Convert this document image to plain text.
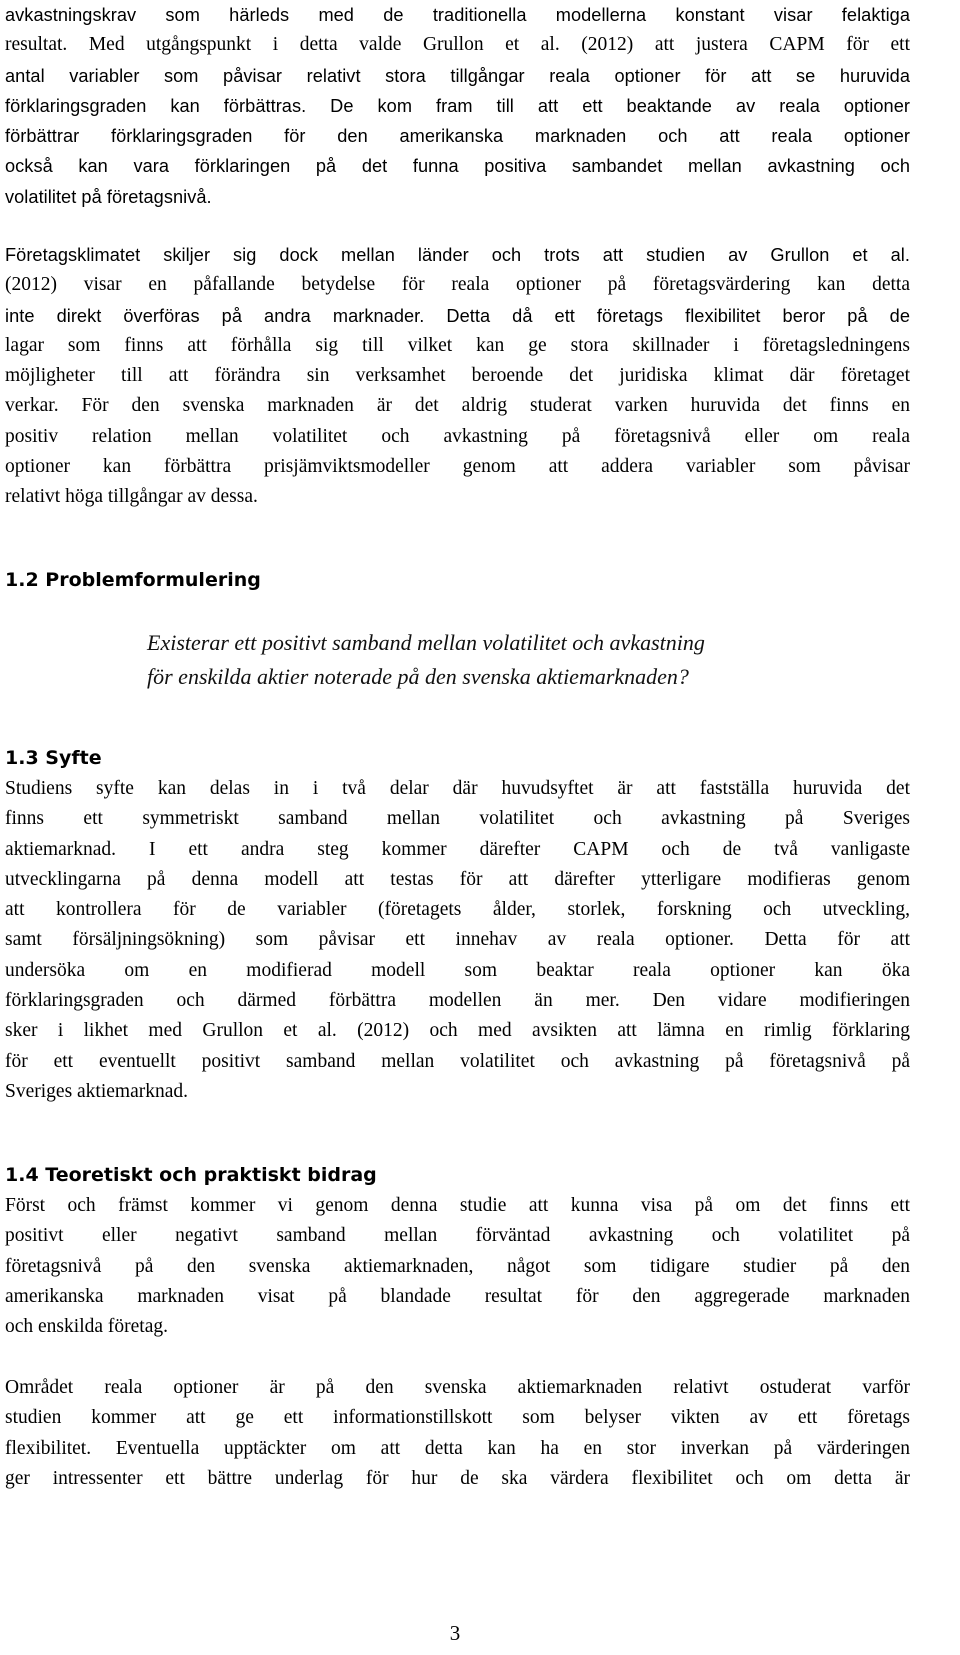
avkastningskrav som härleds med de traditionella modellerna konstant visar felaktiga

resultat. Med utgångspunkt i detta valde Grullon et al. (2012) att justera CAPM för ett

antal variabler som påvisar relativt stora tillgångar reala optioner för att se huruvida

förklaringsgraden kan förbättras. De kom fram till att ett beaktande av reala optioner

förbättrar förklaringsgraden för den amerikanska marknaden och att reala optioner

också kan vara förklaringen på det funna positiva sambandet mellan avkastning och

volatilitet på företagsnivå.

Företagsklimatet skiljer sig dock mellan länder och trots att studien av Grullon et al.

(2012) visar en påfallande betydelse för reala optioner på företagsvärdering kan detta

inte direkt överföras på andra marknader. Detta då ett företags flexibilitet beror på de

lagar som finns att förhålla sig till vilket kan ge stora skillnader i företagsledningens

möjligheter till att förändra sin verksamhet beroende det juridiska klimat där företaget

verkar. För den svenska marknaden är det aldrig studerat varken huruvida det finns en

positiv relation mellan volatilitet och avkastning på företagsnivå eller om reala

optioner kan förbättra prisjämviktsmodeller genom att addera variabler som påvisar

relativt höga tillgångar av dessa.

1.2 Problemformulering

Existerar ett positivt samband mellan volatilitet och avkastning

för enskilda aktier noterade på den svenska aktiemarknaden?

1.3 Syfte

Studiens syfte kan delas in i två delar där huvudsyftet är att fastställa huruvida det

finns ett symmetriskt samband mellan volatilitet och avkastning på Sveriges

aktiemarknad. I ett andra steg kommer därefter CAPM och de två vanligaste

utvecklingarna på denna modell att testas för att därefter ytterligare modifieras genom

att kontrollera för de variabler (företagets ålder, storlek, forskning och utveckling,

samt försäljningsökning) som påvisar ett innehav av reala optioner. Detta för att

undersöka om en modifierad modell som beaktar reala optioner kan öka

förklaringsgraden och därmed förbättra modellen än mer. Den vidare modifieringen

sker i likhet med Grullon et al. (2012) och med avsikten att lämna en rimlig förklaring

för ett eventuellt positivt samband mellan volatilitet och avkastning på företagsnivå på

Sveriges aktiemarknad.

1.4 Teoretiskt och praktiskt bidrag

Först och främst kommer vi genom denna studie att kunna visa på om det finns ett

positivt eller negativt samband mellan förväntad avkastning och volatilitet på

företagsnivå på den svenska aktiemarknaden, något som tidigare studier på den

amerikanska marknaden visat på blandade resultat för den aggregerade marknaden

och enskilda företag.

Området reala optioner är på den svenska aktiemarknaden relativt ostuderat varför

studien kommer att ge ett informationstillskott som belyser vikten av ett företags

flexibilitet. Eventuella upptäckter om att detta kan ha en stor inverkan på värderingen

ger intressenter ett bättre underlag för hur de ska värdera flexibilitet och om detta är

3
